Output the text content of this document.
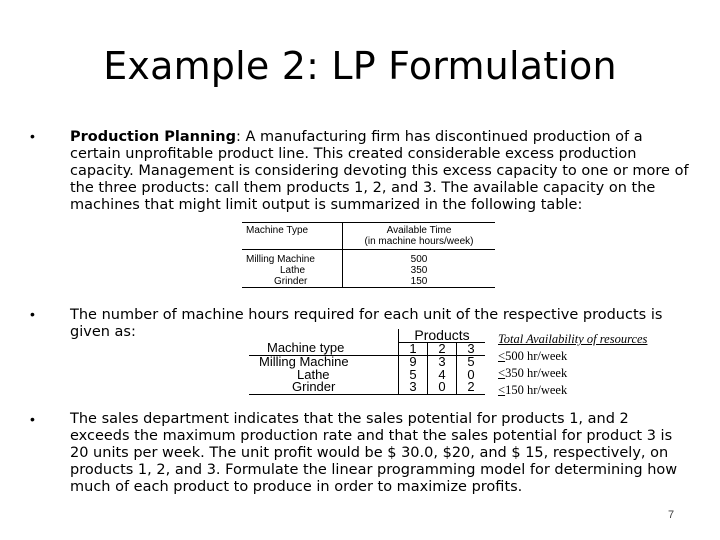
Example 2: LP Formulation
• Production Planning: A manufacturing firm has discontinued production of a certain unprofitable product line. This created considerable excess production capacity. Management is considering devoting this excess capacity to one or more of the three products: call them products 1, 2, and 3. The available capacity on the machines that might limit output is summarized in the following table:
Machine Type	Available Time
(in machine hours/week)

Milling Machine	500
Lathe	350
Grinder	150
• The number of machine hours required for each unit of the respective products is given as:
		Products		
Machine type	1	2	3
Milling Machine	9	3	5
Lathe	5	4	0
Grinder	3	0	2
Total Availability of resources
<500 hr/week
<350 hr/week
<150 hr/week
• The sales department indicates that the sales potential for products 1, and 2 exceeds the maximum production rate and that the sales potential for product 3 is 20 units per week. The unit profit would be $ 30.0, $20, and $ 15, respectively, on products 1, 2, and 3. Formulate the linear programming model for determining how much of each product to produce in order to maximize profits.
7
